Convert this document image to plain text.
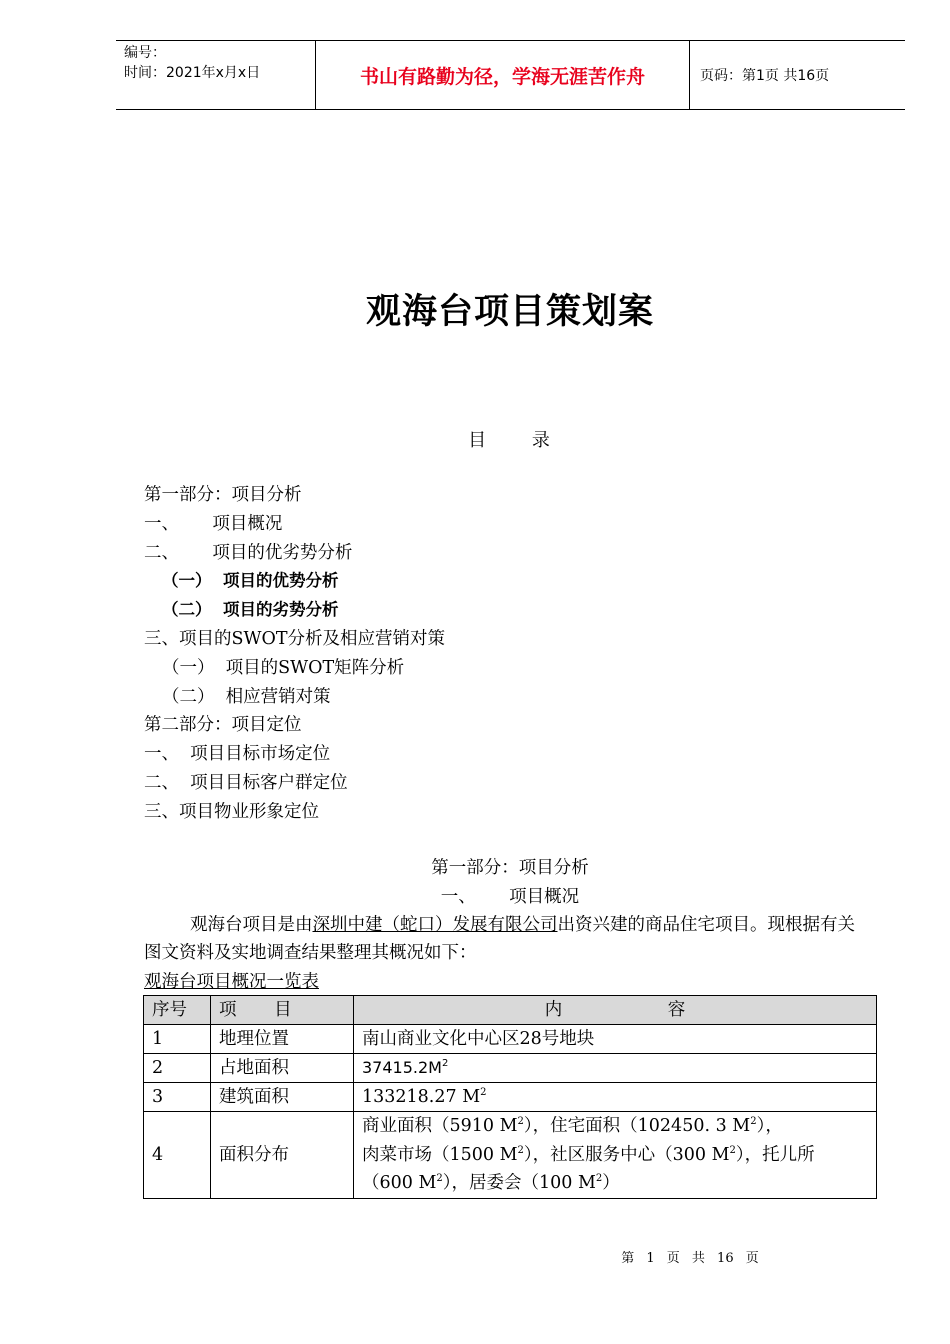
编号：
时间：2021年x月x日	书山有路勤为径，学海无涯苦作舟	页码：第1页 共16页
观海台项目策划案
目 录
第一部分：项目分析
一、      项目概况
二、      项目的优劣势分析
（一）  项目的优势分析
（二）  项目的劣势分析
三、项目的SWOT分析及相应营销对策
（一）  项目的SWOT矩阵分析
（二）  相应营销对策
第二部分：项目定位
一、  项目目标市场定位
二、  项目目标客户群定位
三、项目物业形象定位
第一部分：项目分析
一、      项目概况
观海台项目是由深圳中建（蛇口）发展有限公司出资兴建的商品住宅项目。现根据有关图文资料及实地调查结果整理其概况如下：
观海台项目概况一览表
序号	项 目	内 容
1	地理位置	南山商业文化中心区28号地块
2	占地面积	$37415.2M^2$
3	建筑面积	133218.27 $M^2$
4	面积分布	商业面积（5910 $M^2$），住宅面积（102450. 3 $M^2$），
肉菜市场（1500 $M^2$），社区服务中心（300 $M^2$），托儿所
（600 $M^2$），居委会（100 $M^2$）
第 1 页 共 16 页
